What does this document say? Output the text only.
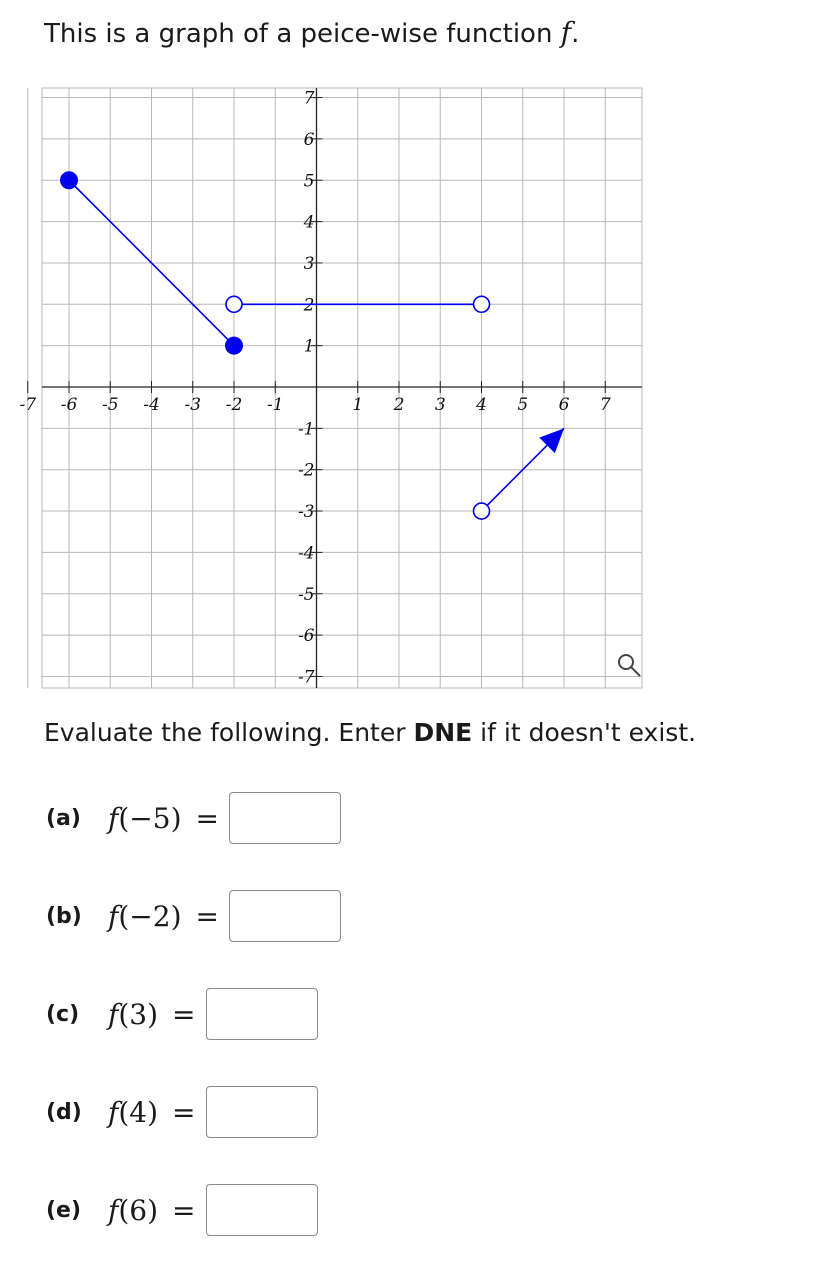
This is a graph of a peice-wise function f.
-7 -6 -5 -4 -3 -2 -1	1 2 3 4 5 6 7
7
6
5
4
3
2
1
-1
-2
-3
-4
-5
-6
-7
Evaluate the following. Enter DNE if it doesn't exist.
(a) f(−5) =
(b) f(−2) =
(c)	f(3) =
(d) f(4) =
(e) f(6) =
